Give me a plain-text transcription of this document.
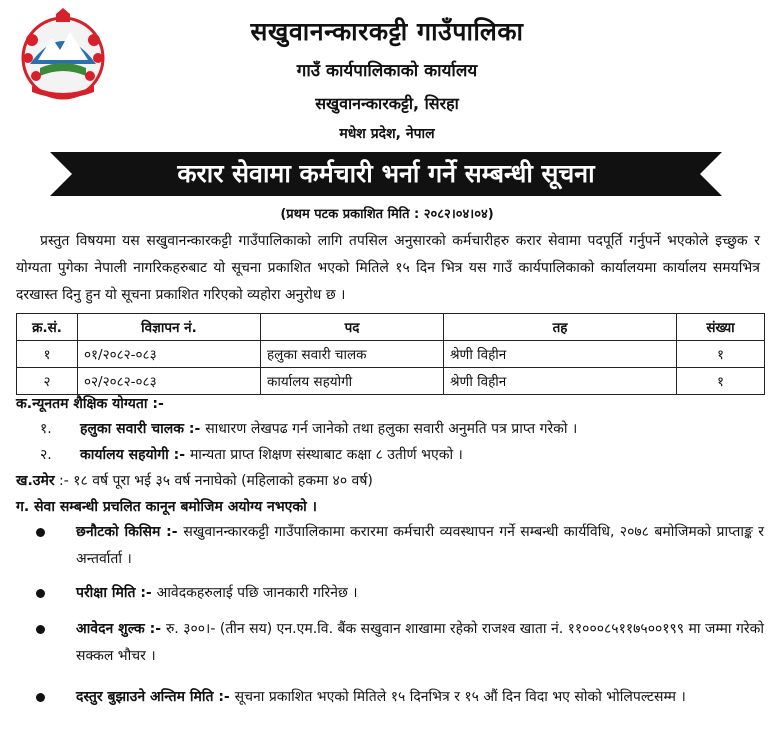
सखुवानन्कारकट्टी गाउँपालिका
गाउँ कार्यपालिकाको कार्यालय
सखुवानन्कारकट्टी, सिरहा
मधेश प्रदेश, नेपाल
करार सेवामा कर्मचारी भर्ना गर्ने सम्बन्धी सूचना
(प्रथम पटक प्रकाशित मिति : २०८२।०४।०४)
प्रस्तुत विषयमा यस सखुवानन्कारकट्टी गाउँपालिकाको लागि तपसिल अनुसारको कर्मचारीहरु करार सेवामा पदपूर्ति गर्नुपर्ने भएकोले इच्छुक र योग्यता पुगेका नेपाली नागरिकहरुबाट यो सूचना प्रकाशित भएको मितिले १५ दिन भित्र यस गाउँ कार्यपालिकाको कार्यालयमा कार्यालय समयभित्र दरखास्त दिनु हुन यो सूचना प्रकाशित गरिएको व्यहोरा अनुरोध छ ।
क्र.सं.	विज्ञापन नं.	पद	तह	संख्या
१	०१/२०८२-०८३	हलुका सवारी चालक	श्रेणी विहीन	१
२	०२/२०८२-०८३	कार्यालय सहयोगी	श्रेणी विहीन	१
क.न्यूनतम शैक्षिक योग्यता :-
१. हलुका सवारी चालक :- साधारण लेखपढ गर्न जानेको तथा हलुका सवारी अनुमति पत्र प्राप्त गरेको ।
२. कार्यालय सहयोगी :- मान्यता प्राप्त शिक्षण संस्थाबाट कक्षा ८ उतीर्ण भएको ।
ख.उमेर :- १८ वर्ष पूरा भई ३५ वर्ष ननाघेको (महिलाको हकमा ४० वर्ष)
ग. सेवा सम्बन्धी प्रचलित कानून बमोजिम अयोग्य नभएको ।
छनौटको किसिम :- सखुवानन्कारकट्टी गाउँपालिकामा करारमा कर्मचारी व्यवस्थापन गर्ने सम्बन्धी कार्यविधि, २०७८ बमोजिमको प्राप्ताङ्क र अन्तर्वार्ता ।
परीक्षा मिति :- आवेदकहरुलाई पछि जानकारी गरिनेछ ।
आवेदन शुल्क :- रु. ३००।- (तीन सय) एन.एम.वि. बैंक सखुवान शाखामा रहेको राजश्व खाता नं. ११०००८५११७५००१९९ मा जम्मा गरेको सक्कल भौचर ।
दस्तुर बुझाउने अन्तिम मिति :- सूचना प्रकाशित भएको मितिले १५ दिनभित्र र १५ औं दिन विदा भए सोको भोलिपल्टसम्म ।
